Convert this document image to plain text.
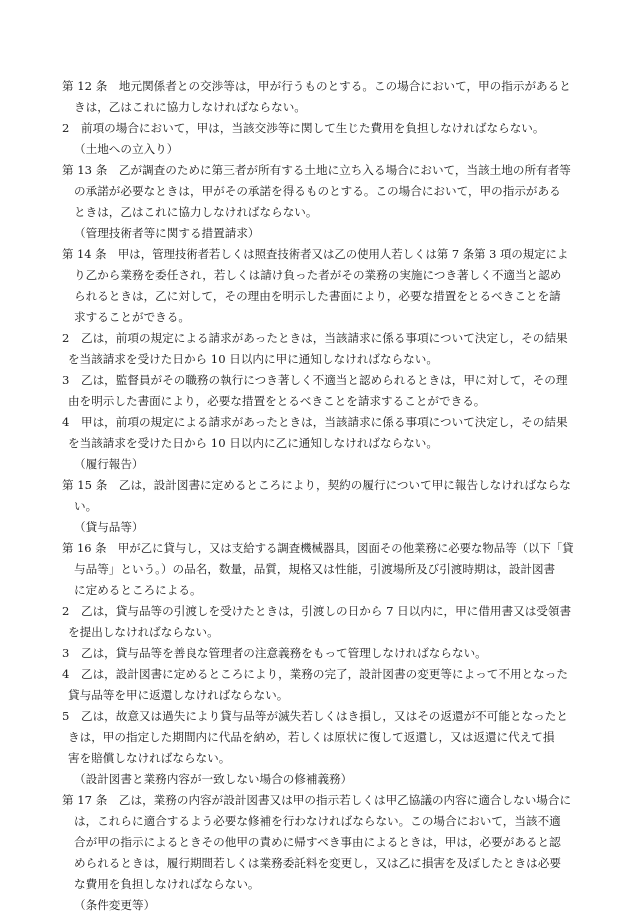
第 12 条　地元関係者との交渉等は，甲が行うものとする。この場合において，甲の指示があると
きは，乙はこれに協力しなければならない。
2　前項の場合において，甲は，当該交渉等に関して生じた費用を負担しなければならない。
（土地への立入り）
第 13 条　乙が調査のために第三者が所有する土地に立ち入る場合において，当該土地の所有者等
の承諾が必要なときは，甲がその承諾を得るものとする。この場合において，甲の指示がある
ときは，乙はこれに協力しなければならない。
（管理技術者等に関する措置請求）
第 14 条　甲は，管理技術者若しくは照査技術者又は乙の使用人若しくは第 7 条第 3 項の規定によ
り乙から業務を委任され，若しくは請け負った者がその業務の実施につき著しく不適当と認め
られるときは，乙に対して，その理由を明示した書面により，必要な措置をとるべきことを請
求することができる。
2　乙は，前項の規定による請求があったときは，当該請求に係る事項について決定し，その結果
を当該請求を受けた日から 10 日以内に甲に通知しなければならない。
3　乙は，監督員がその職務の執行につき著しく不適当と認められるときは，甲に対して，その理
由を明示した書面により，必要な措置をとるべきことを請求することができる。
4　甲は，前項の規定による請求があったときは，当該請求に係る事項について決定し，その結果
を当該請求を受けた日から 10 日以内に乙に通知しなければならない。
（履行報告）
第 15 条　乙は，設計図書に定めるところにより，契約の履行について甲に報告しなければならな
い。
（貸与品等）
第 16 条　甲が乙に貸与し，又は支給する調査機械器具，図面その他業務に必要な物品等（以下「貸
与品等」という。）の品名，数量，品質，規格又は性能，引渡場所及び引渡時期は，設計図書
に定めるところによる。
2　乙は，貸与品等の引渡しを受けたときは，引渡しの日から 7 日以内に，甲に借用書又は受領書
を提出しなければならない。
3　乙は，貸与品等を善良な管理者の注意義務をもって管理しなければならない。
4　乙は，設計図書に定めるところにより，業務の完了，設計図書の変更等によって不用となった
貸与品等を甲に返還しなければならない。
5　乙は，故意又は過失により貸与品等が滅失若しくはき損し，又はその返還が不可能となったと
きは，甲の指定した期間内に代品を納め，若しくは原状に復して返還し，又は返還に代えて損
害を賠償しなければならない。
（設計図書と業務内容が一致しない場合の修補義務）
第 17 条　乙は，業務の内容が設計図書又は甲の指示若しくは甲乙協議の内容に適合しない場合に
は，これらに適合するよう必要な修補を行わなければならない。この場合において，当該不適
合が甲の指示によるときその他甲の責めに帰すべき事由によるときは，甲は，必要があると認
められるときは，履行期間若しくは業務委託料を変更し，又は乙に損害を及ぼしたときは必要
な費用を負担しなければならない。
（条件変更等）
